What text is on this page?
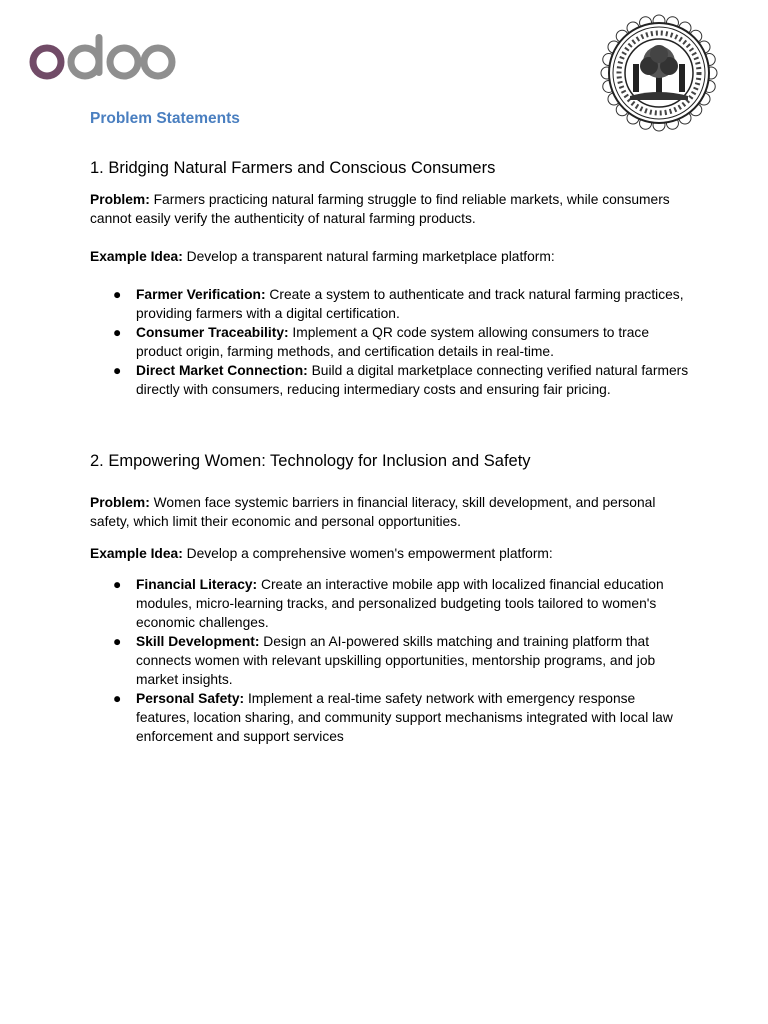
Problem Statements

1. Bridging Natural Farmers and Conscious Consumers

Problem: Farmers practicing natural farming struggle to find reliable markets, while consumers cannot easily verify the authenticity of natural farming products.

Example Idea: Develop a transparent natural farming marketplace platform:

● Farmer Verification: Create a system to authenticate and track natural farming practices, providing farmers with a digital certification.
● Consumer Traceability: Implement a QR code system allowing consumers to trace product origin, farming methods, and certification details in real-time.
● Direct Market Connection: Build a digital marketplace connecting verified natural farmers directly with consumers, reducing intermediary costs and ensuring fair pricing.
2. Empowering Women: Technology for Inclusion and Safety

Problem: Women face systemic barriers in financial literacy, skill development, and personal safety, which limit their economic and personal opportunities.

Example Idea: Develop a comprehensive women's empowerment platform:

● Financial Literacy: Create an interactive mobile app with localized financial education modules, micro-learning tracks, and personalized budgeting tools tailored to women's economic challenges.
● Skill Development: Design an AI-powered skills matching and training platform that connects women with relevant upskilling opportunities, mentorship programs, and job market insights.
● Personal Safety: Implement a real-time safety network with emergency response features, location sharing, and community support mechanisms integrated with local law enforcement and support services
